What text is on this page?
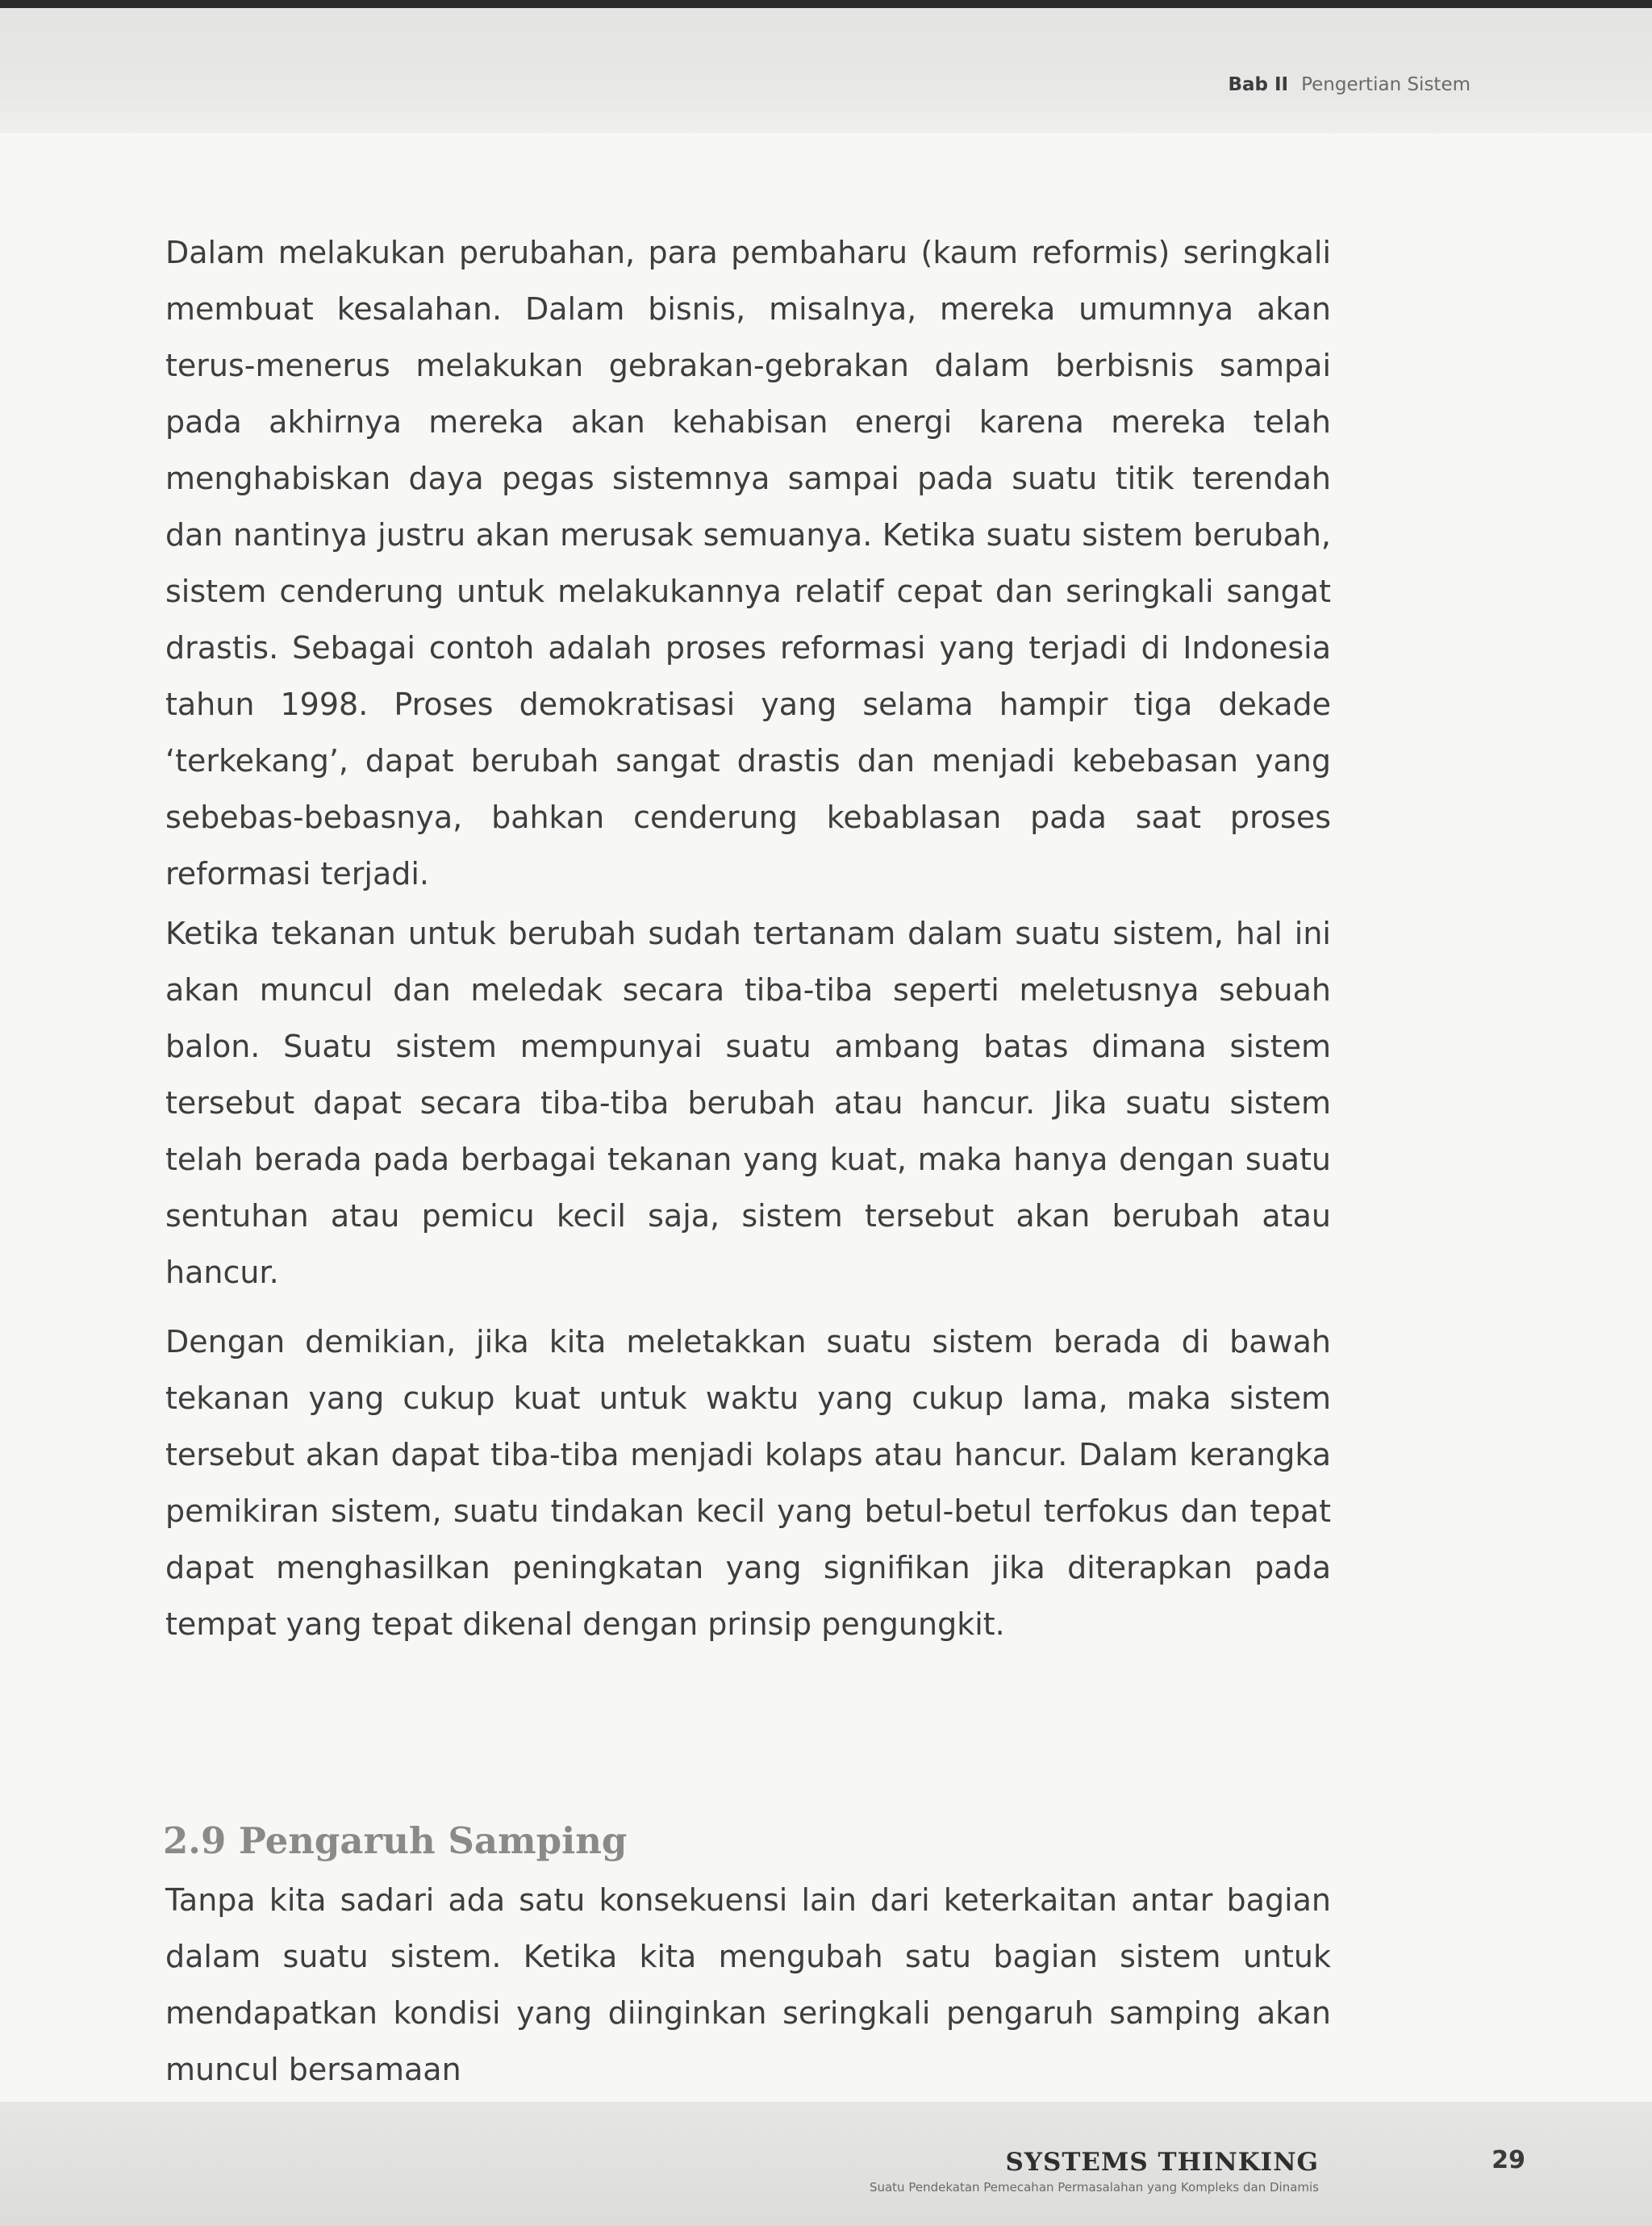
Bab II Pengertian Sistem
Dalam melakukan perubahan, para pembaharu (kaum reformis) seringkali membuat kesalahan. Dalam bisnis, misalnya, mereka umumnya akan terus-menerus melakukan gebrakan-gebrakan dalam berbisnis sampai pada akhirnya mereka akan kehabisan energi karena mereka telah menghabiskan daya pegas sistemnya sampai pada suatu titik terendah dan nantinya justru akan merusak semuanya. Ketika suatu sistem berubah, sistem cenderung untuk melakukannya relatif cepat dan seringkali sangat drastis. Sebagai contoh adalah proses reformasi yang terjadi di Indonesia tahun 1998. Proses demokratisasi yang selama hampir tiga dekade ‘terkekang’, dapat berubah sangat drastis dan menjadi kebebasan yang sebebas-bebasnya, bahkan cenderung kebablasan pada saat proses reformasi terjadi.
Ketika tekanan untuk berubah sudah tertanam dalam suatu sistem, hal ini akan muncul dan meledak secara tiba-tiba seperti meletusnya sebuah balon. Suatu sistem mempunyai suatu ambang batas dimana sistem tersebut dapat secara tiba-tiba berubah atau hancur. Jika suatu sistem telah berada pada berbagai tekanan yang kuat, maka hanya dengan suatu sentuhan atau pemicu kecil saja, sistem tersebut akan berubah atau hancur.
Dengan demikian, jika kita meletakkan suatu sistem berada di bawah tekanan yang cukup kuat untuk waktu yang cukup lama, maka sistem tersebut akan dapat tiba-tiba menjadi kolaps atau hancur. Dalam kerangka pemikiran sistem, suatu tindakan kecil yang betul-betul terfokus dan tepat dapat menghasilkan peningkatan yang signifikan jika diterapkan pada tempat yang tepat dikenal dengan prinsip pengungkit.
2.9 Pengaruh Samping
Tanpa kita sadari ada satu konsekuensi lain dari keterkaitan antar bagian dalam suatu sistem. Ketika kita mengubah satu bagian sistem untuk mendapatkan kondisi yang diinginkan seringkali pengaruh samping akan muncul bersamaan
SYSTEMS THINKING
Suatu Pendekatan Pemecahan Permasalahan yang Kompleks dan Dinamis
29
